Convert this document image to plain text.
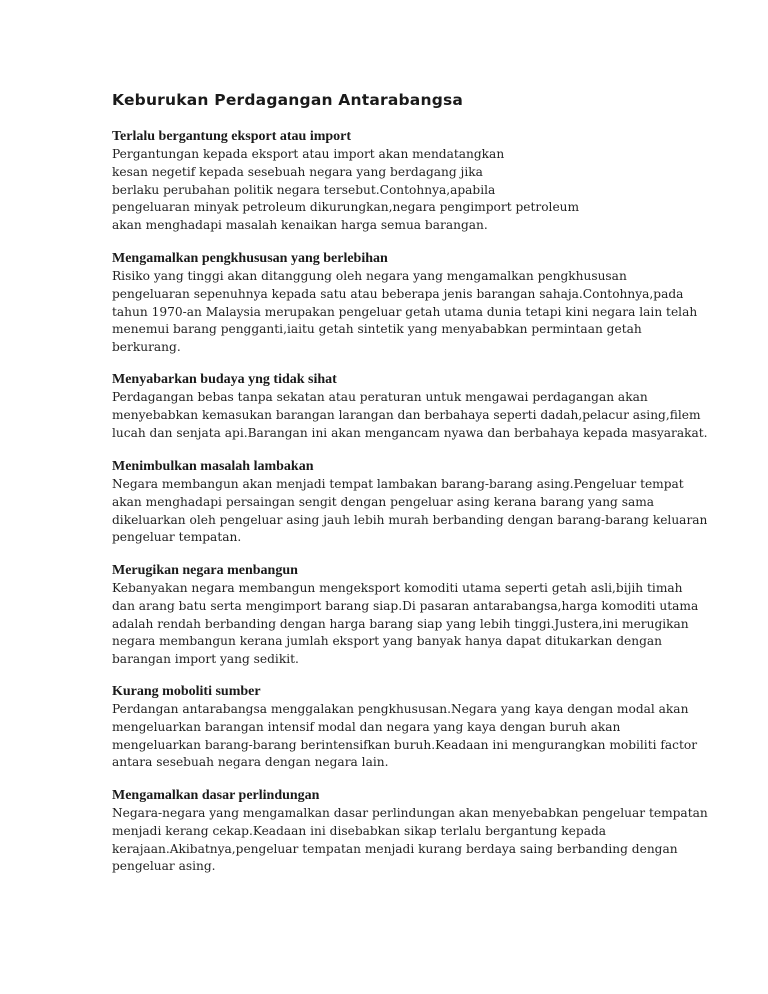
Keburukan Perdagangan Antarabangsa
Terlalu bergantung eksport atau import
Pergantungan kepada eksport atau import akan mendatangkan
kesan negetif kepada sesebuah negara yang berdagang jika
berlaku perubahan politik negara tersebut.Contohnya,apabila
pengeluaran minyak petroleum dikurungkan,negara pengimport petroleum
akan menghadapi masalah kenaikan harga semua barangan.
Mengamalkan pengkhususan yang berlebihan
Risiko yang tinggi akan ditanggung oleh negara yang mengamalkan pengkhususan
pengeluaran sepenuhnya kepada satu atau beberapa jenis barangan sahaja.Contohnya,pada
tahun 1970-an Malaysia merupakan pengeluar getah utama dunia tetapi kini negara lain telah
menemui barang pengganti,iaitu getah sintetik yang menyababkan permintaan getah
berkurang.
Menyabarkan budaya yng tidak sihat
Perdagangan bebas tanpa sekatan atau peraturan untuk mengawai perdagangan akan
menyebabkan kemasukan barangan larangan dan berbahaya seperti dadah,pelacur asing,filem
lucah dan senjata api.Barangan ini akan mengancam nyawa dan berbahaya kepada masyarakat.
Menimbulkan masalah lambakan
Negara membangun akan menjadi tempat lambakan barang-barang asing.Pengeluar tempat
akan menghadapi persaingan sengit dengan pengeluar asing kerana barang yang sama
dikeluarkan oleh pengeluar asing jauh lebih murah berbanding dengan barang-barang keluaran
pengeluar tempatan.
Merugikan negara menbangun
Kebanyakan negara membangun mengeksport komoditi utama seperti getah asli,bijih timah
dan arang batu serta mengimport barang siap.Di pasaran antarabangsa,harga komoditi utama
adalah rendah berbanding dengan harga barang siap yang lebih tinggi.Justera,ini merugikan
negara membangun kerana jumlah eksport yang banyak hanya dapat ditukarkan dengan
barangan import yang sedikit.
Kurang moboliti sumber
Perdangan antarabangsa menggalakan pengkhususan.Negara yang kaya dengan modal akan
mengeluarkan barangan intensif modal dan negara yang kaya dengan buruh akan
mengeluarkan barang-barang berintensifkan buruh.Keadaan ini mengurangkan mobiliti factor
antara sesebuah negara dengan negara lain.
Mengamalkan dasar perlindungan
Negara-negara yang mengamalkan dasar perlindungan akan menyebabkan pengeluar tempatan
menjadi kerang cekap.Keadaan ini disebabkan sikap terlalu bergantung kepada
kerajaan.Akibatnya,pengeluar tempatan menjadi kurang berdaya saing berbanding dengan
pengeluar asing.
